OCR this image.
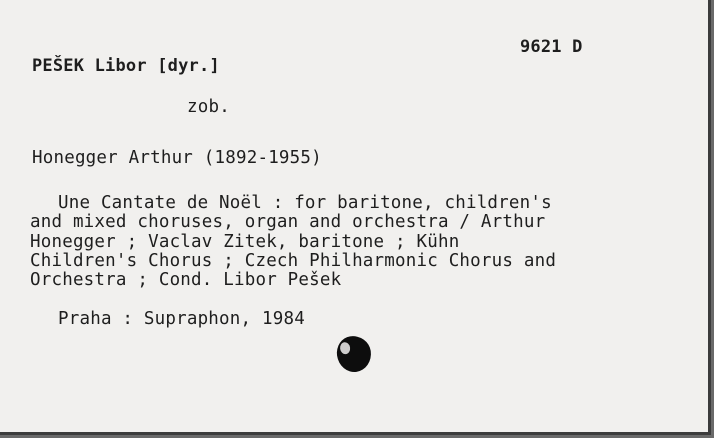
9621 D
PEŠEK Libor [dyr.]
zob.
Honegger Arthur (1892-1955)
Une Cantate de Noël : for baritone, children's
and mixed choruses, organ and orchestra / Arthur
Honegger ; Vaclav Zitek, baritone ; Kühn
Children's Chorus ; Czech Philharmonic Chorus and
Orchestra ; Cond. Libor Pešek
Praha : Supraphon, 1984
